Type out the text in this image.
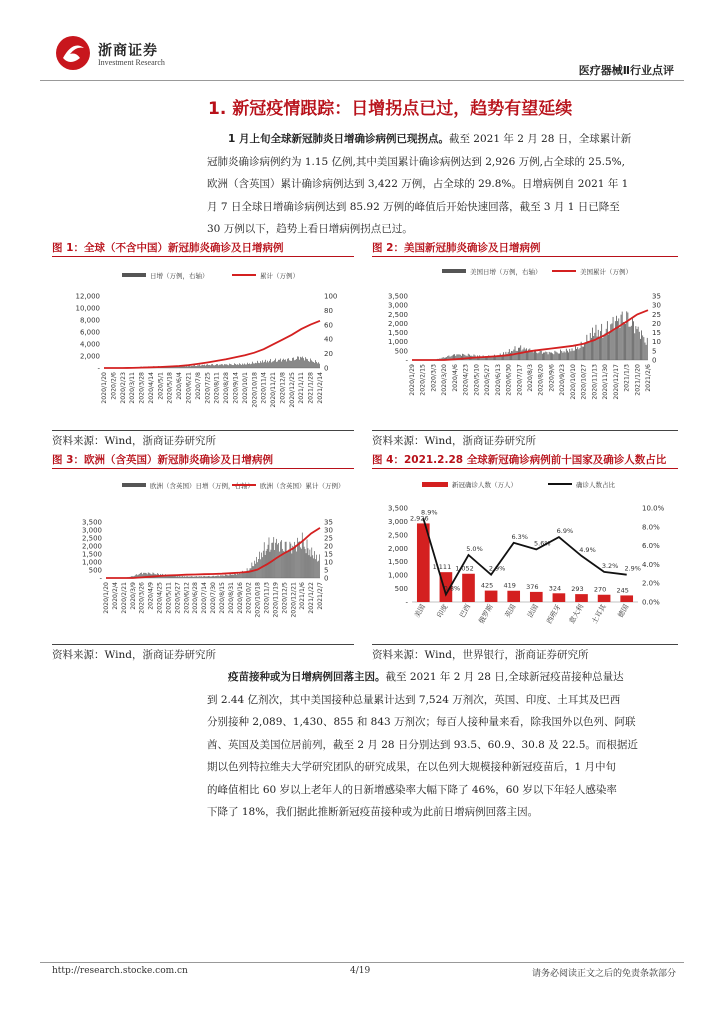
浙商证券
Investment Research
医疗器械Ⅱ行业点评
1. 新冠疫情跟踪：日增拐点已过，趋势有望延续
1 月上旬全球新冠肺炎日增确诊病例已现拐点。截至 2021 年 2 月 28 日，全球累计新
冠肺炎确诊病例约为 1.15 亿例,其中美国累计确诊病例达到 2,926 万例,占全球的 25.5%,
欧洲（含英国）累计确诊病例达到 3,422 万例，占全球的 29.8%。日增病例自 2021 年 1
月 7 日全球日增确诊病例达到 85.92 万例的峰值后开始快速回落，截至 3 月 1 日已降至
30 万例以下，趋势上看日增病例拐点已过。
图 1：全球（不含中国）新冠肺炎确诊及日增病例	图 2：美国新冠肺炎确诊及日增病例
日增（万例，右轴）	累计（万例）
12,000
10,000
8,000
6,000
4,000
2,000
-
100
80
60
40
20
0
2020/1/20 2020/2/6 2020/2/23 2020/3/11 2020/3/28 2020/4/14 2020/5/1 2020/5/18 2020/6/4 2020/6/21 2020/7/8 2020/7/25 2020/8/11 2020/8/28 2020/9/14 2020/10/1 2020/10/18 2020/11/4 2020/11/21 2020/12/8 2020/12/25 2021/1/11 2021/1/28 2021/2/14
美国日增（万例，右轴）	美国累计（万例）
3,500
3,000
2,500
2,000
1,500
1,000
500
-
35
30
25
20
15
10
5
0
2020/1/29 2020/2/15 2020/3/3 2020/3/20 2020/4/6 2020/4/23 2020/5/10 2020/5/27 2020/6/13 2020/6/30 2020/7/17 2020/8/3 2020/8/20 2020/9/6 2020/9/23 2020/10/10 2020/10/27 2020/11/13 2020/11/30 2020/12/17 2021/1/3 2021/1/20 2021/2/6
资料来源：Wind，浙商证券研究所	资料来源：Wind，浙商证券研究所
图 3：欧洲（含英国）新冠肺炎确诊及日增病例	图 4：2021.2.28 全球新冠确诊病例前十国家及确诊人数占比
欧洲（含英国）日增（万例，右轴） 欧洲（含英国）累计（万例）
3,500
3,000
2,500
2,000
1,500
1,000
500
-
35
30
25
20
15
10
5
0
2020/1/20 2020/2/4 2020/2/21 2020/3/9 2020/3/26 2020/4/9 2020/4/25 2020/5/11 2020/5/27 2020/6/12 2020/6/28 2020/7/14 2020/7/30 2020/8/15 2020/8/31 2020/9/16 2020/10/2 2020/10/18 2020/11/3 2020/11/19 2020/12/5 2020/12/21 2021/1/6 2021/1/22 2021/2/7
新冠确诊人数（万人）	确诊人数占比
3,500
3,000
2,500
2,000
1,500
1,000
500
-
10.0%
8.0%
6.0%
4.0%
2.0%
0.0%
2,926
8.9%
美国
1,111
0.8%
印度
1,052
5.0%
巴西
425
2.9%
俄罗斯
419
6.3%
英国
376
5.6%
法国
324
6.9%
西班牙
293
4.9%
意大利
270
3.2%
土耳其
245
2.9%
德国
资料来源：Wind，浙商证券研究所	资料来源：Wind，世界银行，浙商证券研究所
疫苗接种或为日增病例回落主因。截至 2021 年 2 月 28 日,全球新冠疫苗接种总量达
到 2.44 亿剂次，其中美国接种总量累计达到 7,524 万剂次，英国、印度、土耳其及巴西
分别接种 2,089、1,430、855 和 843 万剂次；每百人接种量来看，除我国外以色列、阿联
酋、英国及美国位居前列，截至 2 月 28 日分别达到 93.5、60.9、30.8 及 22.5。而根据近
期以色列特拉维夫大学研究团队的研究成果，在以色列大规模接种新冠疫苗后，1 月中旬
的峰值相比 60 岁以上老年人的日新增感染率大幅下降了 46%，60 岁以下年轻人感染率
下降了 18%，我们据此推断新冠疫苗接种或为此前日增病例回落主因。
http://research.stocke.com.cn	4/19	请务必阅读正文之后的免责条款部分
